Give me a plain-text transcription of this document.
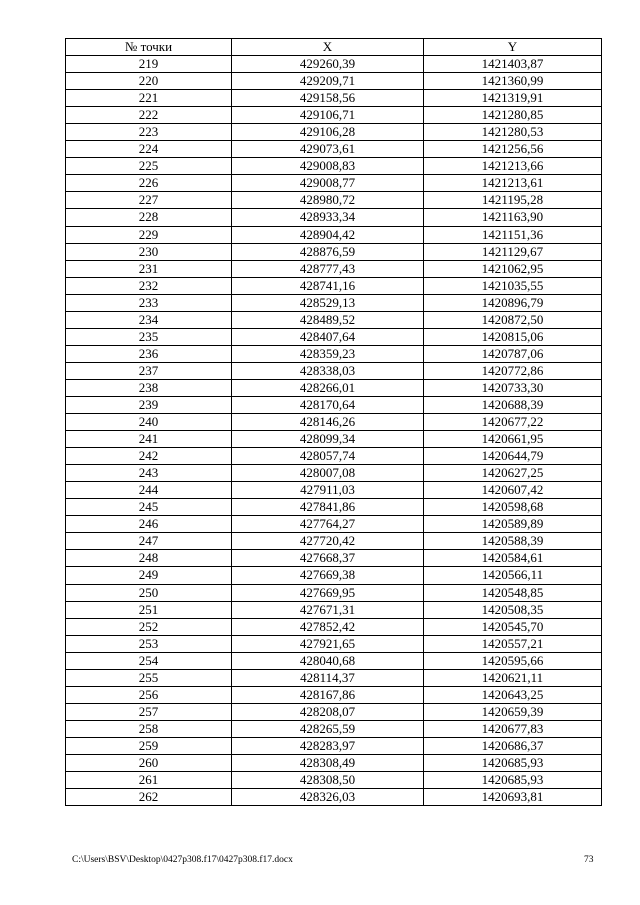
№ точки	X	Y
219	429260,39	1421403,87
220	429209,71	1421360,99
221	429158,56	1421319,91
222	429106,71	1421280,85
223	429106,28	1421280,53
224	429073,61	1421256,56
225	429008,83	1421213,66
226	429008,77	1421213,61
227	428980,72	1421195,28
228	428933,34	1421163,90
229	428904,42	1421151,36
230	428876,59	1421129,67
231	428777,43	1421062,95
232	428741,16	1421035,55
233	428529,13	1420896,79
234	428489,52	1420872,50
235	428407,64	1420815,06
236	428359,23	1420787,06
237	428338,03	1420772,86
238	428266,01	1420733,30
239	428170,64	1420688,39
240	428146,26	1420677,22
241	428099,34	1420661,95
242	428057,74	1420644,79
243	428007,08	1420627,25
244	427911,03	1420607,42
245	427841,86	1420598,68
246	427764,27	1420589,89
247	427720,42	1420588,39
248	427668,37	1420584,61
249	427669,38	1420566,11
250	427669,95	1420548,85
251	427671,31	1420508,35
252	427852,42	1420545,70
253	427921,65	1420557,21
254	428040,68	1420595,66
255	428114,37	1420621,11
256	428167,86	1420643,25
257	428208,07	1420659,39
258	428265,59	1420677,83
259	428283,97	1420686,37
260	428308,49	1420685,93
261	428308,50	1420685,93
262	428326,03	1420693,81
C:\Users\BSV\Desktop\0427p308.f17\0427p308.f17.docx	73
